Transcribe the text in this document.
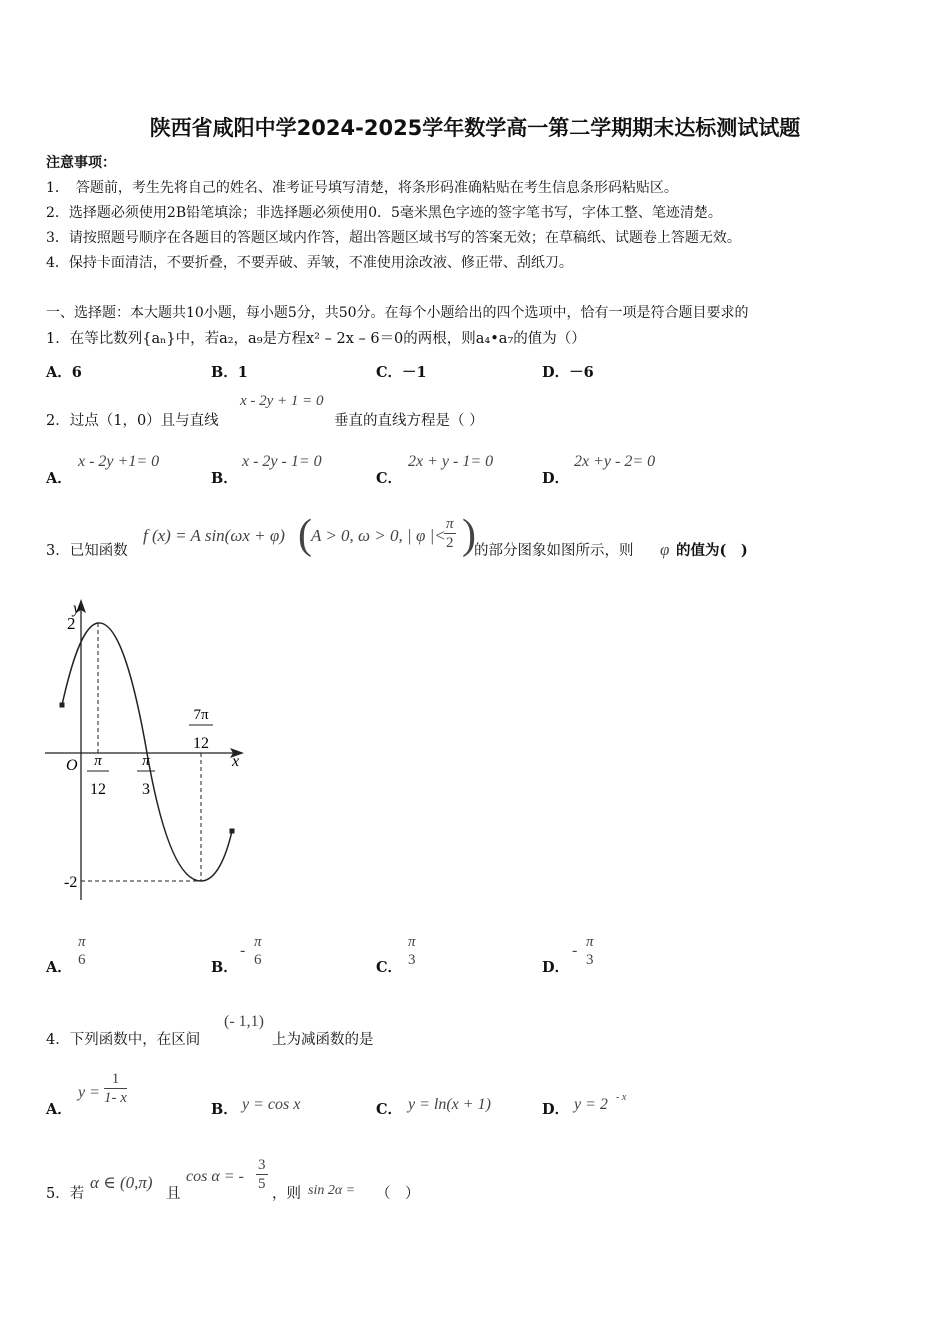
陕西省咸阳中学2024-2025学年数学高一第二学期期末达标测试试题
注意事项：
1．　答题前，考生先将自己的姓名、准考证号填写清楚，将条形码准确粘贴在考生信息条形码粘贴区。
2．选择题必须使用2B铅笔填涂；非选择题必须使用0．5毫米黑色字迹的签字笔书写，字体工整、笔迹清楚。
3．请按照题号顺序在各题目的答题区域内作答，超出答题区域书写的答案无效；在草稿纸、试题卷上答题无效。
4．保持卡面清洁，不要折叠，不要弄破、弄皱，不准使用涂改液、修正带、刮纸刀。
一、选择题：本大题共10小题，每小题5分，共50分。在每个小题给出的四个选项中，恰有一项是符合题目要求的
1．在等比数列{aₙ}中，若a₂，a₉是方程x² – 2x – 6＝0的两根，则a₄•a₇的值为（）
A．6	B．1	C．－1	D．－6
2．过点（1，0）且与直线
x - 2y + 1 = 0
垂直的直线方程是（ ）
A．
x - 2y +1= 0
B．
x - 2y - 1= 0
C．
2x + y - 1= 0
D．
2x +y - 2= 0
3．已知函数
f (x) = A sin(ωx + φ) ( A > 0, ω > 0, | φ |<
$\frac{\pi}{2}$ )
的部分图象如图所示，则 φ 的值为(　)
y
x
O
2
-2
π
12
π
3
7π
12
A．
π
6	B．
- π
6	C．
π
3	D．
- π
3
4．下列函数中，在区间
(- 1,1)
上为减函数的是
A．
$y = \frac{1}{1- x}$
B． y = cos x	C． y = ln(x + 1)	D． y = 2 - x
5．若
α ∈ (0,π)
且
cos α = - $\frac{3}{5}$
，则 sin 2α = （　）
